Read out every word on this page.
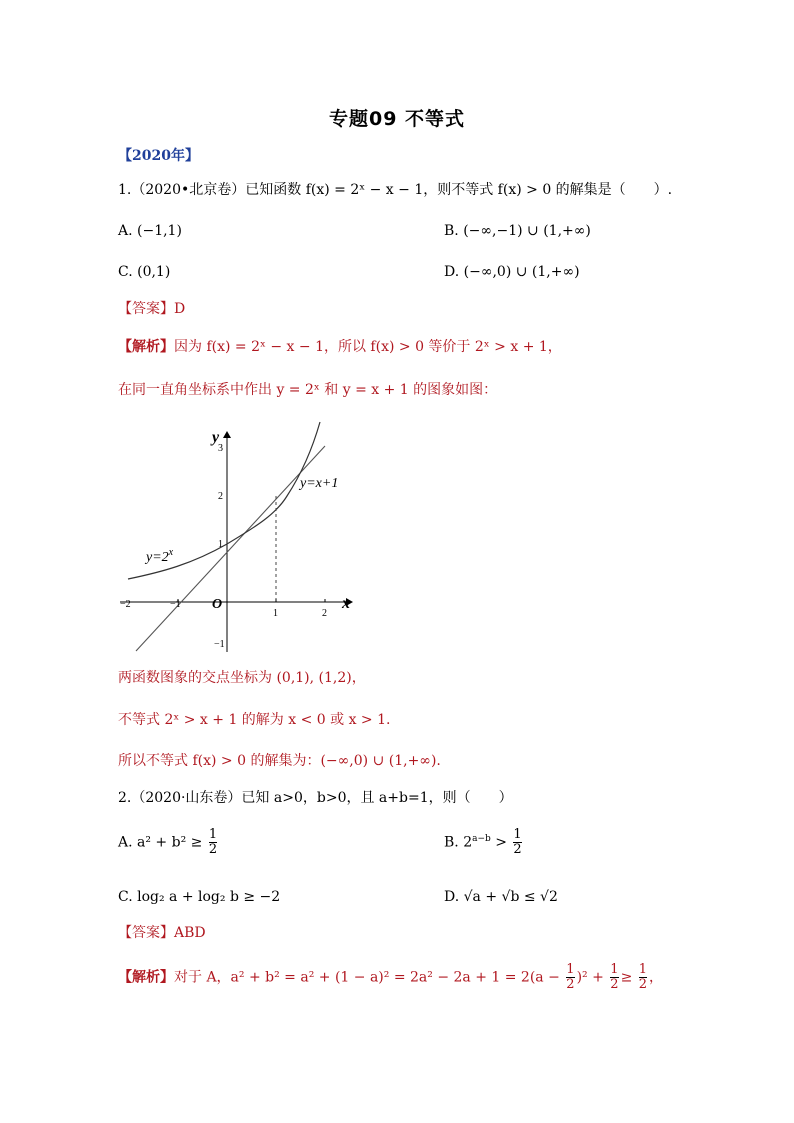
专题09 不等式
【2020年】
1.（2020•北京卷）已知函数 f(x) = 2ˣ − x − 1，则不等式 f(x) > 0 的解集是（　　）.
A. (−1,1)	B. (−∞,−1) ∪ (1,+∞)
C. (0,1)	D. (−∞,0) ∪ (1,+∞)
【答案】D
【解析】因为 f(x) = 2ˣ − x − 1，所以 f(x) > 0 等价于 2ˣ > x + 1，
在同一直角坐标系中作出 y = 2ˣ 和 y = x + 1 的图象如图：
y
x
O
−2	−1
1	2
−1
1
2
3
$y=2^x$
y=x+1
两函数图象的交点坐标为 (0,1), (1,2)，
不等式 2ˣ > x + 1 的解为 x < 0 或 x > 1.
所以不等式 f(x) > 0 的解集为：(−∞,0) ∪ (1,+∞).
2.（2020·山东卷）已知 a>0，b>0，且 a+b=1，则（　　）
A. $a^2 + b^2 \ge \frac{1}{2}$	B. $2^{a-b} > \frac{1}{2}$
C. log₂ a + log₂ b ≥ −2	D. √a + √b ≤ √2
【答案】ABD
【解析】对于 A，$a^2 + b^2 = a^2 + (1 - a)^2 = 2a^2 - 2a + 1 = 2(a - \frac{1}{2} )^2 + \frac{1}{2} \ge \frac{1}{2}$ ，
